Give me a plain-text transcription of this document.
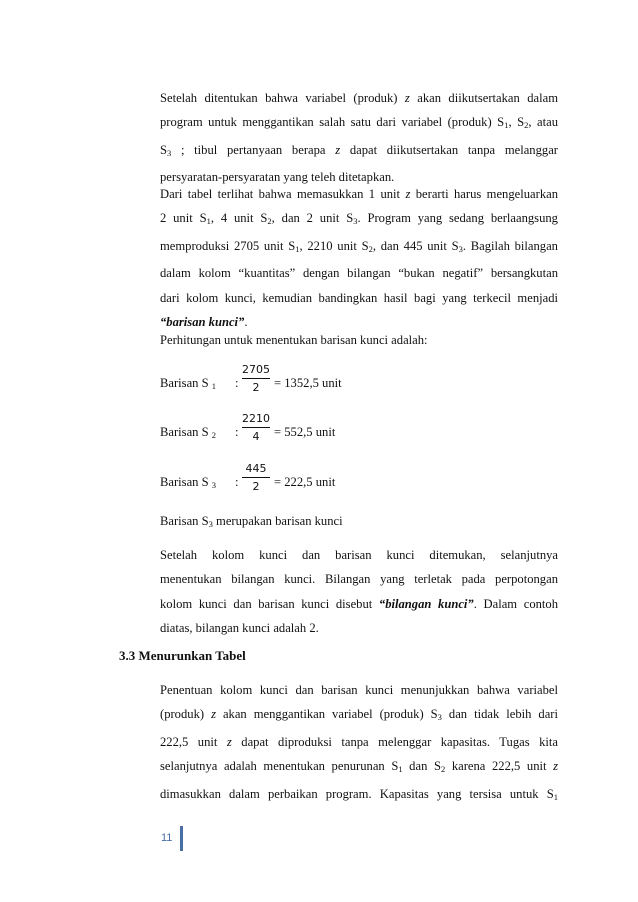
Setelah ditentukan bahwa variabel (produk) z akan diikutsertakan dalam
program untuk menggantikan salah satu dari variabel (produk) $S_1$, $S_2$, atau
$S_3$ ; tibul pertanyaan berapa z dapat diikutsertakan tanpa melanggar
persyaratan-persyaratan yang teleh ditetapkan.
Dari tabel terlihat bahwa memasukkan 1 unit z berarti harus mengeluarkan
2 unit $S_1$, 4 unit $S_2$, dan 2 unit $S_3$. Program yang sedang berlaangsung
memproduksi 2705 unit $S_1$, 2210 unit $S_2$, dan 445 unit $S_3$. Bagilah bilangan
dalam kolom “kuantitas” dengan bilangan “bukan negatif” bersangkutan
dari kolom kunci, kemudian bandingkan hasil bagi yang terkecil menjadi
“barisan kunci”.
Perhitungan untuk menentukan barisan kunci adalah:
Barisan S $_1$ :
2705
2	= 1352,5 unit
Barisan S $_2$ :
2210
4	= 552,5 unit
Barisan S $_3$ :
445
2	= 222,5 unit
Barisan $S_3$ merupakan barisan kunci
Setelah kolom kunci dan barisan kunci ditemukan, selanjutnya
menentukan bilangan kunci. Bilangan yang terletak pada perpotongan
kolom kunci dan barisan kunci disebut “bilangan kunci”. Dalam contoh
diatas, bilangan kunci adalah 2.
3.3 Menurunkan Tabel
Penentuan kolom kunci dan barisan kunci menunjukkan bahwa variabel
(produk) z akan menggantikan variabel (produk) $S_3$ dan tidak lebih dari
222,5 unit z dapat diproduksi tanpa melenggar kapasitas. Tugas kita
selanjutnya adalah menentukan penurunan $S_1$ dan $S_2$ karena 222,5 unit z
dimasukkan dalam perbaikan program. Kapasitas yang tersisa untuk $S_1$
11
